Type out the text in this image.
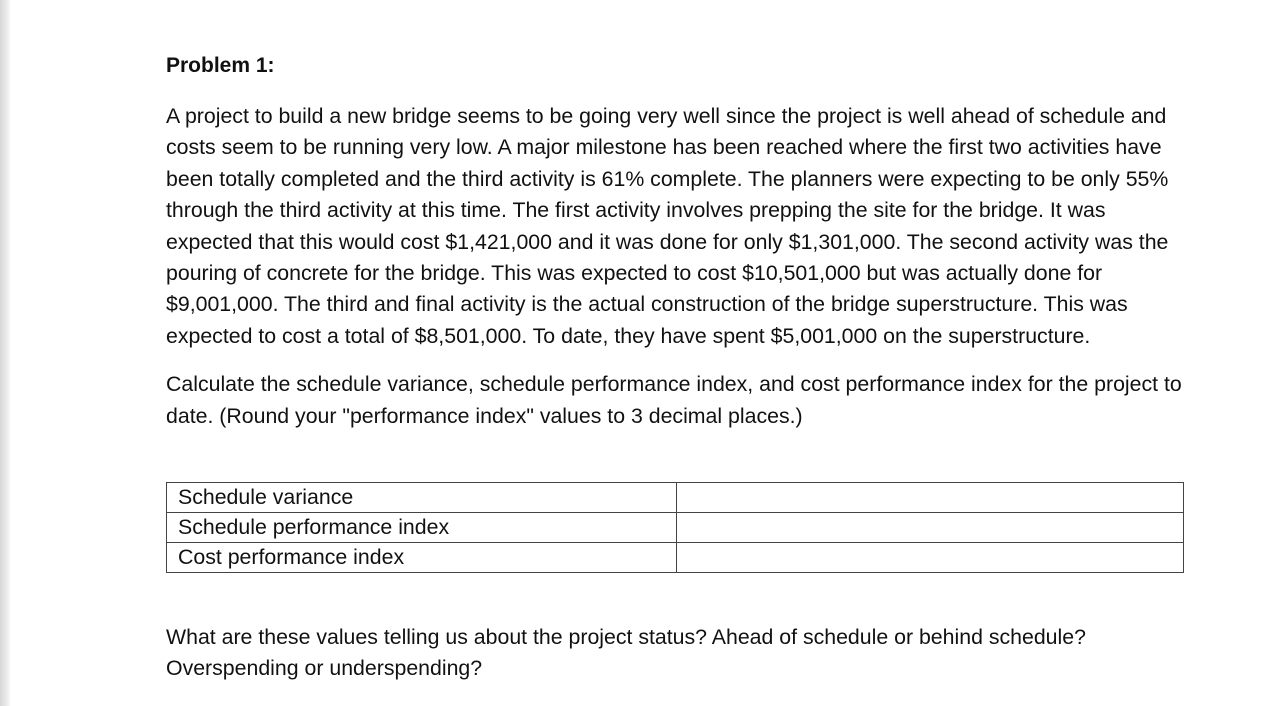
Problem 1:

A project to build a new bridge seems to be going very well since the project is well ahead of schedule and costs seem to be running very low. A major milestone has been reached where the first two activities have been totally completed and the third activity is 61% complete. The planners were expecting to be only 55% through the third activity at this time. The first activity involves prepping the site for the bridge. It was expected that this would cost $1,421,000 and it was done for only $1,301,000. The second activity was the pouring of concrete for the bridge. This was expected to cost $10,501,000 but was actually done for $9,001,000. The third and final activity is the actual construction of the bridge superstructure. This was expected to cost a total of $8,501,000. To date, they have spent $5,001,000 on the superstructure.

Calculate the schedule variance, schedule performance index, and cost performance index for the project to date. (Round your "performance index" values to 3 decimal places.)

Schedule variance	
Schedule performance index	
Cost performance index	

What are these values telling us about the project status? Ahead of schedule or behind schedule? Overspending or underspending?
